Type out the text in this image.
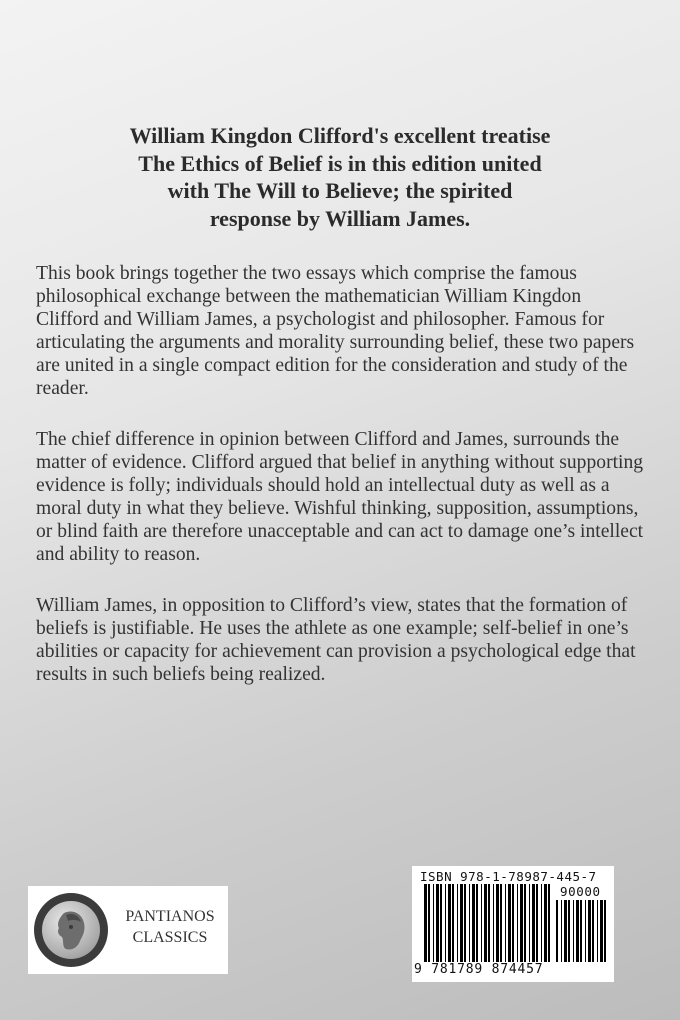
William Kingdon Clifford's excellent treatise
The Ethics of Belief is in this edition united
with The Will to Believe; the spirited
response by William James.

This book brings together the two essays which comprise the famous philosophical exchange between the mathematician William Kingdon Clifford and William James, a psychologist and philosopher. Famous for articulating the arguments and morality surrounding belief, these two papers are united in a single compact edition for the consideration and study of the reader.

The chief difference in opinion between Clifford and James, surrounds the matter of evidence. Clifford argued that belief in anything without supporting evidence is folly; individuals should hold an intellectual duty as well as a moral duty in what they believe. Wishful thinking, supposition, assumptions, or blind faith are therefore unacceptable and can act to damage one’s intellect and ability to reason.

William James, in opposition to Clifford’s view, states that the formation of beliefs is justifiable. He uses the athlete as one example; self-belief in one’s abilities or capacity for achievement can provision a psychological edge that results in such beliefs being realized.

PANTIANOS
CLASSICS

ISBN 978-1-78987-445-7
90000
9 781789 874457
